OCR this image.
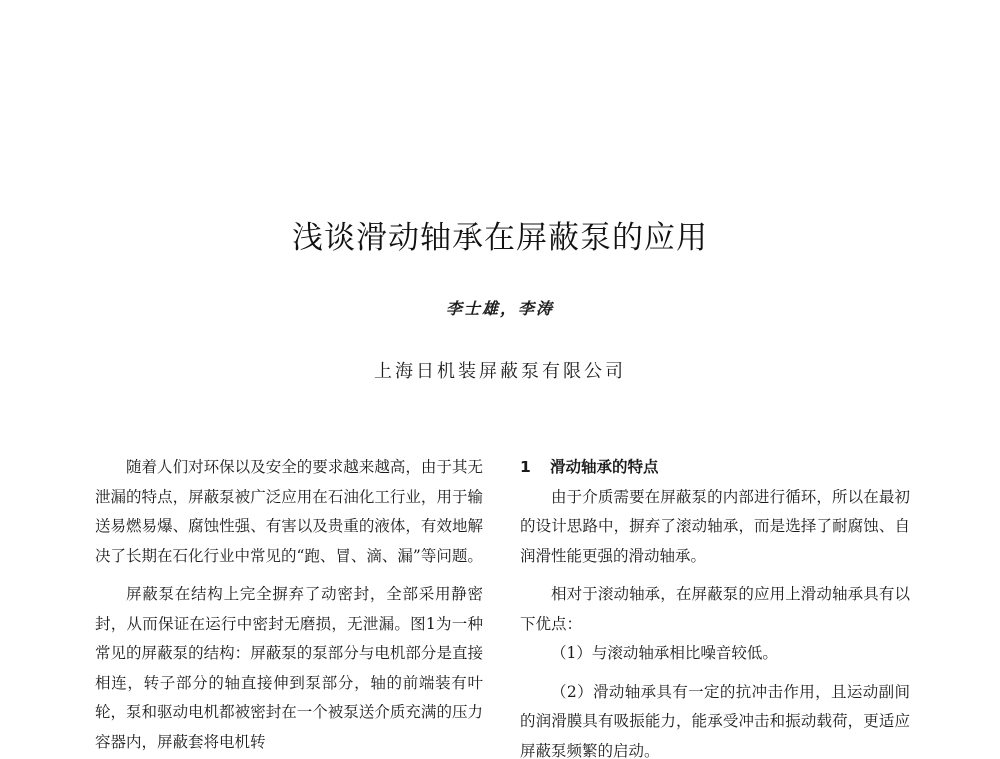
浅谈滑动轴承在屏蔽泵的应用
李士雄，李涛
上海日机装屏蔽泵有限公司

随着人们对环保以及安全的要求越来越高，由于其无泄漏的特点，屏蔽泵被广泛应用在石油化工行业，用于输送易燃易爆、腐蚀性强、有害以及贵重的液体，有效地解决了长期在石化行业中常见的“跑、冒、滴、漏”等问题。

屏蔽泵在结构上完全摒弃了动密封，全部采用静密封，从而保证在运行中密封无磨损，无泄漏。图1为一种常见的屏蔽泵的结构：屏蔽泵的泵部分与电机部分是直接相连，转子部分的轴直接伸到泵部分，轴的前端装有叶轮，泵和驱动电机都被密封在一个被泵送介质充满的压力容器内，屏蔽套将电机转

1 滑动轴承的特点

由于介质需要在屏蔽泵的内部进行循环，所以在最初的设计思路中，摒弃了滚动轴承，而是选择了耐腐蚀、自润滑性能更强的滑动轴承。

相对于滚动轴承，在屏蔽泵的应用上滑动轴承具有以下优点：

（1）与滚动轴承相比噪音较低。

（2）滑动轴承具有一定的抗冲击作用，且运动副间的润滑膜具有吸振能力，能承受冲击和振动载荷，更适应屏蔽泵频繁的启动。
